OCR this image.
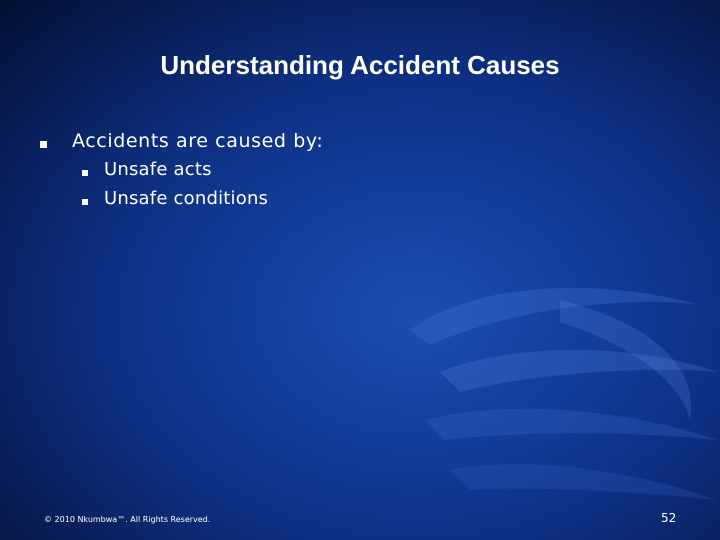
Understanding Accident Causes
Accidents are caused by:
Unsafe acts
Unsafe conditions
© 2010 Nkumbwa™. All Rights Reserved.	52
